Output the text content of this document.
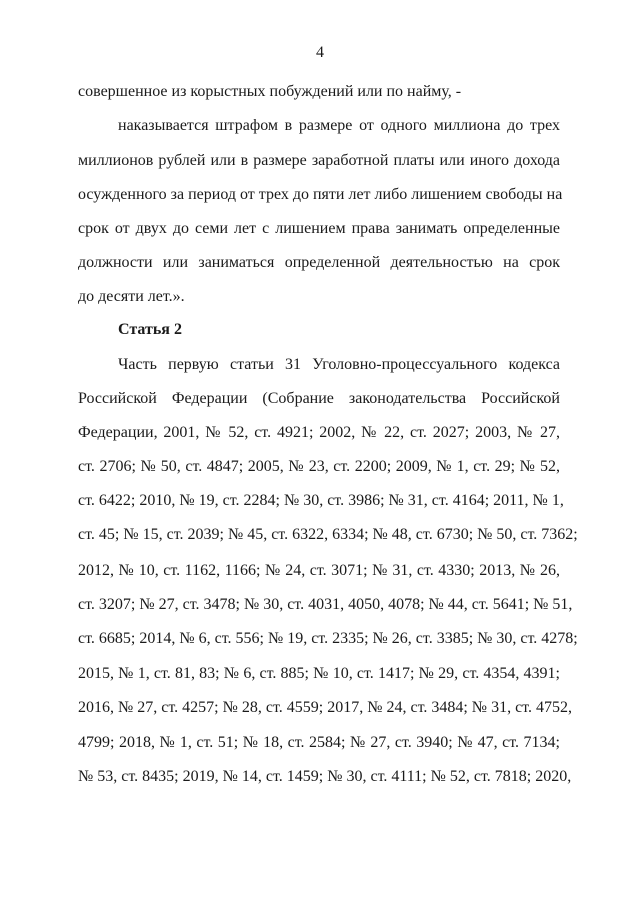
4
совершенное из корыстных побуждений или по найму, -
наказывается штрафом в размере от одного миллиона до трех
миллионов рублей или в размере заработной платы или иного дохода
осужденного за период от трех до пяти лет либо лишением свободы на
срок от двух до семи лет с лишением права занимать определенные
должности или заниматься определенной деятельностью на срок
до десяти лет.».
Статья 2
Часть первую статьи 31 Уголовно-процессуального кодекса
Российской Федерации (Собрание законодательства Российской
Федерации, 2001, № 52, ст. 4921; 2002, № 22, ст. 2027; 2003, № 27,
ст. 2706; № 50, ст. 4847; 2005, № 23, ст. 2200; 2009, № 1, ст. 29; № 52,
ст. 6422; 2010, № 19, ст. 2284; № 30, ст. 3986; № 31, ст. 4164; 2011, № 1,
ст. 45; № 15, ст. 2039; № 45, ст. 6322, 6334; № 48, ст. 6730; № 50, ст. 7362;
2012, № 10, ст. 1162, 1166; № 24, ст. 3071; № 31, ст. 4330; 2013, № 26,
ст. 3207; № 27, ст. 3478; № 30, ст. 4031, 4050, 4078; № 44, ст. 5641; № 51,
ст. 6685; 2014, № 6, ст. 556; № 19, ст. 2335; № 26, ст. 3385; № 30, ст. 4278;
2015, № 1, ст. 81, 83; № 6, ст. 885; № 10, ст. 1417; № 29, ст. 4354, 4391;
2016, № 27, ст. 4257; № 28, ст. 4559; 2017, № 24, ст. 3484; № 31, ст. 4752,
4799; 2018, № 1, ст. 51; № 18, ст. 2584; № 27, ст. 3940; № 47, ст. 7134;
№ 53, ст. 8435; 2019, № 14, ст. 1459; № 30, ст. 4111; № 52, ст. 7818; 2020,
